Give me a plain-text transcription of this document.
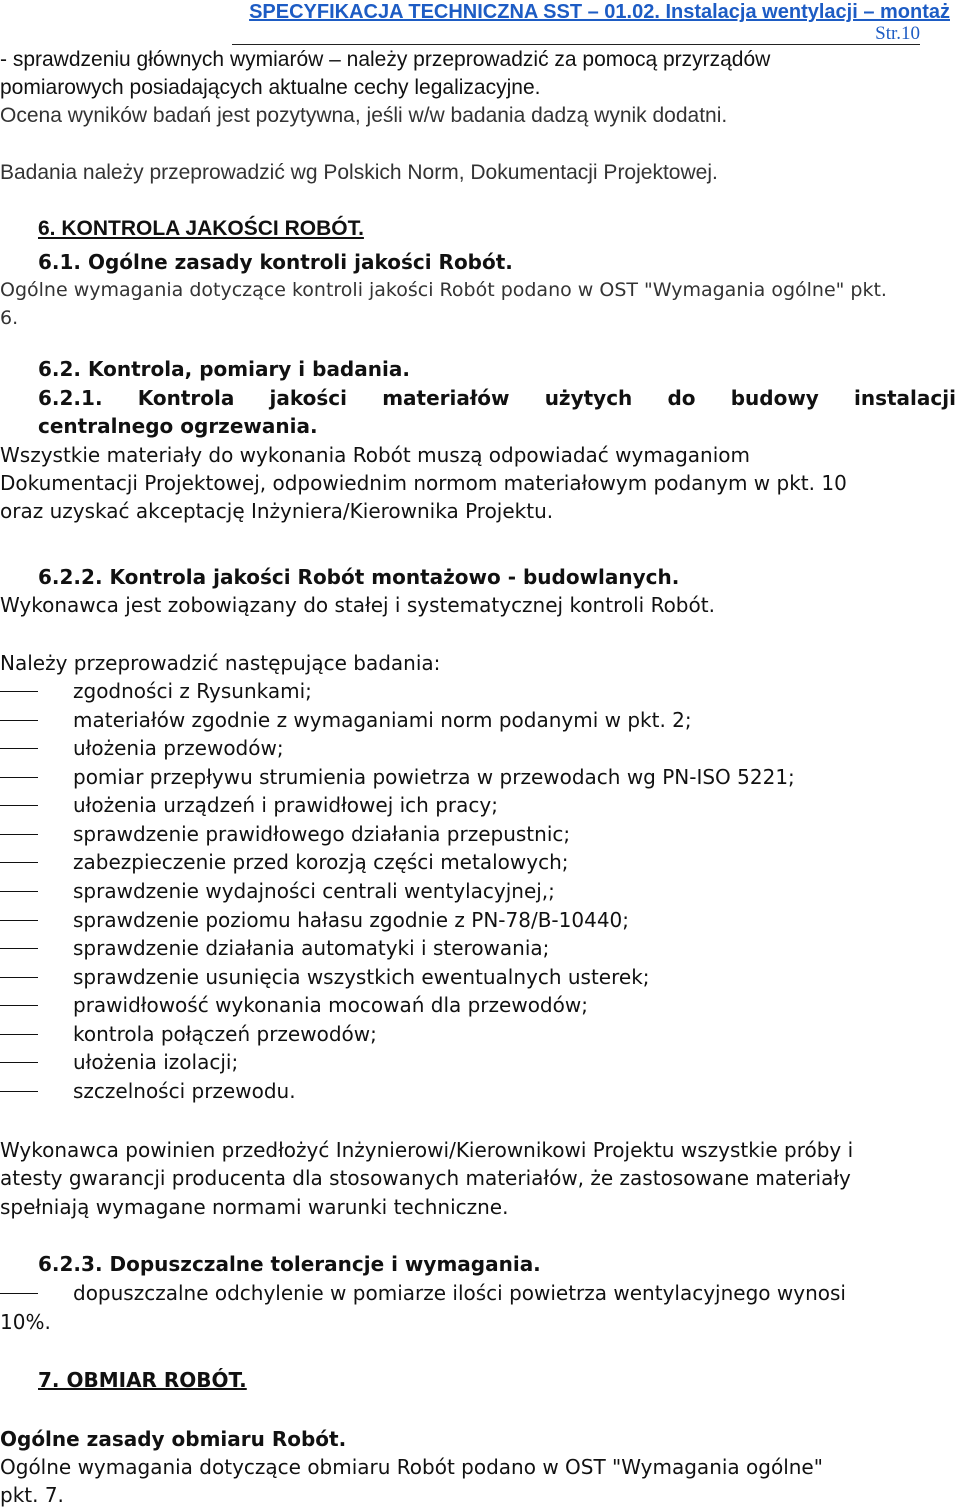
SPECYFIKACJA TECHNICZNA SST – 01.02. Instalacja wentylacji – montaż
Str.10
- sprawdzeniu głównych wymiarów – należy przeprowadzić za pomocą przyrządów
pomiarowych posiadających aktualne cechy legalizacyjne.
Ocena wyników badań jest pozytywna, jeśli w/w badania dadzą wynik dodatni.
Badania należy przeprowadzić wg Polskich Norm, Dokumentacji Projektowej.
6. KONTROLA JAKOŚCI ROBÓT.
6.1. Ogólne zasady kontroli jakości Robót.
Ogólne wymagania dotyczące kontroli jakości Robót podano w OST "Wymagania ogólne" pkt.
6.
6.2. Kontrola, pomiary i badania.
6.2.1. Kontrola jakości materiałów użytych do budowy instalacji
centralnego ogrzewania.
Wszystkie materiały do wykonania Robót muszą odpowiadać wymaganiom
Dokumentacji Projektowej, odpowiednim normom materiałowym podanym w pkt. 10
oraz uzyskać akceptację Inżyniera/Kierownika Projektu.
6.2.2. Kontrola jakości Robót montażowo - budowlanych.
Wykonawca jest zobowiązany do stałej i systematycznej kontroli Robót.
Należy przeprowadzić następujące badania:
zgodności z Rysunkami;
materiałów zgodnie z wymaganiami norm podanymi w pkt. 2;
ułożenia przewodów;
pomiar przepływu strumienia powietrza w przewodach wg PN-ISO 5221;
ułożenia urządzeń i prawidłowej ich pracy;
sprawdzenie prawidłowego działania przepustnic;
zabezpieczenie przed korozją części metalowych;
sprawdzenie wydajności centrali wentylacyjnej,;
sprawdzenie poziomu hałasu zgodnie z PN-78/B-10440;
sprawdzenie działania automatyki i sterowania;
sprawdzenie usunięcia wszystkich ewentualnych usterek;
prawidłowość wykonania mocowań dla przewodów;
kontrola połączeń przewodów;
ułożenia izolacji;
szczelności przewodu.
Wykonawca powinien przedłożyć Inżynierowi/Kierownikowi Projektu wszystkie próby i
atesty gwarancji producenta dla stosowanych materiałów, że zastosowane materiały
spełniają wymagane normami warunki techniczne.
6.2.3. Dopuszczalne tolerancje i wymagania.
dopuszczalne odchylenie w pomiarze ilości powietrza wentylacyjnego wynosi
10%.
7. OBMIAR ROBÓT.
Ogólne zasady obmiaru Robót.
Ogólne wymagania dotyczące obmiaru Robót podano w OST "Wymagania ogólne"
pkt. 7.
